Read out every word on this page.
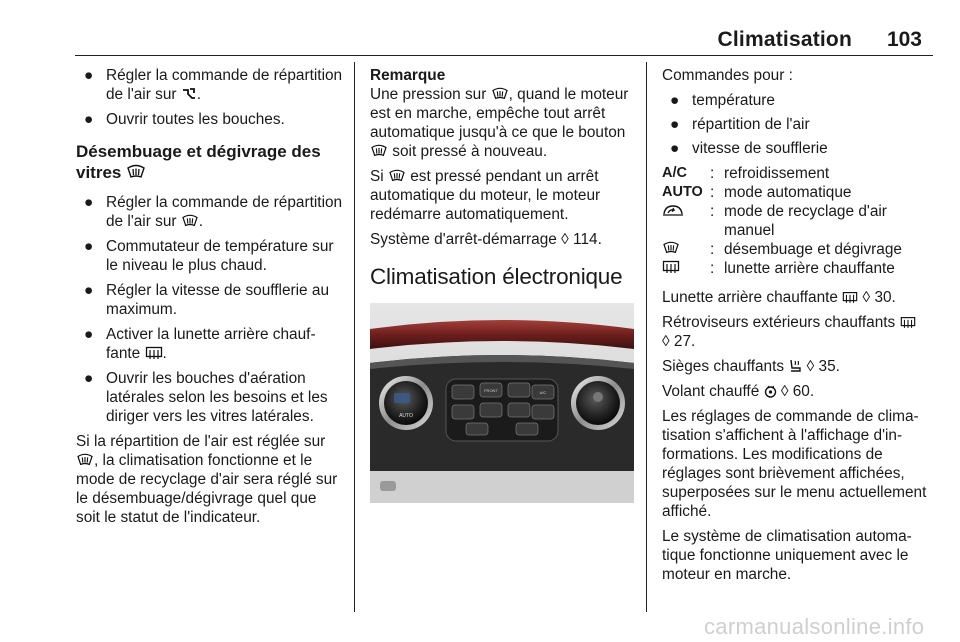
Climatisation 103
● Régler la commande de répartition de l'air sur .
● Ouvrir toutes les bouches.
Désembuage et dégivrage des vitres
● Régler la commande de répartition de l'air sur .
● Commutateur de température sur le niveau le plus chaud.
● Régler la vitesse de soufflerie au maximum.
● Activer la lunette arrière chauffante .
● Ouvrir les bouches d'aération latérales selon les besoins et les diriger vers les vitres latérales.

Si la répartition de l'air est réglée sur , la climatisation fonctionne et le mode de recyclage d'air sera réglé sur le désembuage/dégivrage quel que soit le statut de l'indicateur.

Remarque

Une pression sur , quand le moteur est en marche, empêche tout arrêt automatique jusqu'à ce que le bouton  soit pressé à nouveau.

Si est pressé pendant un arrêt automatique du moteur, le moteur redémarre automatiquement.

Système d'arrêt-démarrage ◊ 114.

Climatisation électronique
AUTO
FRONT	A/C

Commandes pour :

● température
● répartition de l'air
● vitesse de soufflerie
A/C	: refroidissement
AUTO : mode automatique
: mode de recyclage d'air manuel
: désembuage et dégivrage
: lunette arrière chauffante

Lunette arrière chauffante ◊ 30.

Rétroviseurs extérieurs chauffants
◊ 27.

Sièges chauffants ◊ 35.

Volant chauffé ◊ 60.

Les réglages de commande de climatisation s'affichent à l'affichage d'informations. Les modifications de réglages sont brièvement affichées, superposées sur le menu actuellement affiché.

Le système de climatisation automatique fonctionne uniquement avec le moteur en marche.

carmanualsonline.info
